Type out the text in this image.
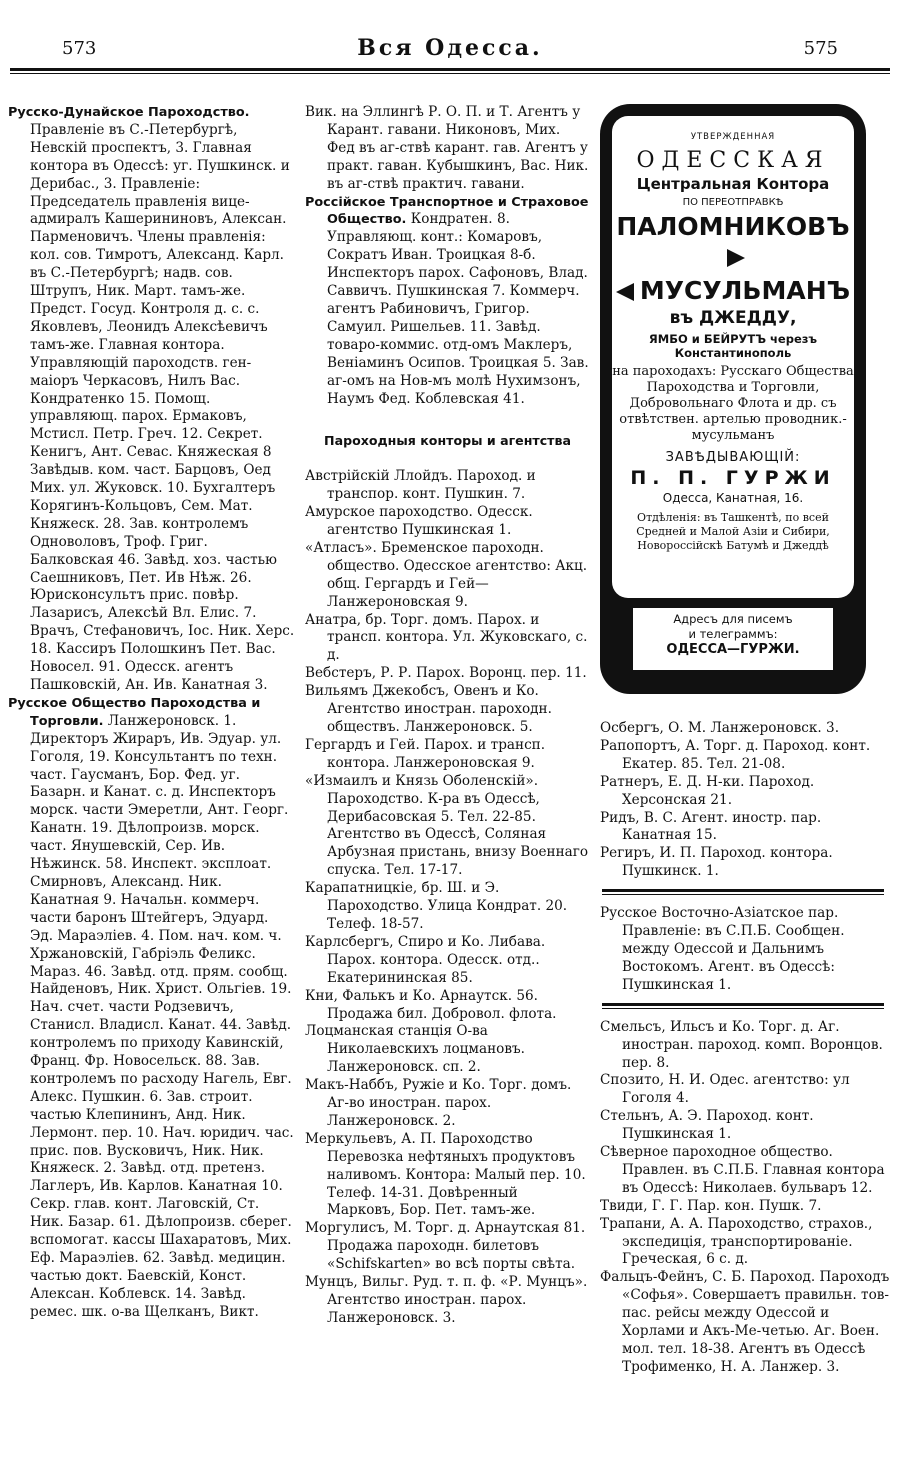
573	Вся Одесса.	575

Русско-Дунайское Пароходство. Правленіе въ С.-Петербургѣ, Невскій проспектъ, 3. Главная контора въ Одессѣ: уг. Пушкинск. и Дерибас., 3. Правленіе: Председатель правленія вице-адмиралъ Кашерининовъ, Алексан. Парменовичъ. Члены правленія: кол. сов. Тимротъ, Александ. Карл. въ С.-Петербургѣ; надв. сов. Штрупъ, Ник. Март. тамъ-же. Предст. Госуд. Контроля д. с. с. Яковлевъ, Леонидъ Алексѣевичъ тамъ-же. Главная контора. Управляющій пароходств. ген-маіоръ Черкасовъ, Нилъ Вас. Кондратенко 15. Помощ. управляющ. парох. Ермаковъ, Мстисл. Петр. Греч. 12. Секрет. Кенигъ, Ант. Севас. Княжеская 8 Завѣдыв. ком. част. Барцовъ, Оед Мих. ул. Жуковск. 10. Бухгалтеръ Корягинъ-Кольцовъ, Сем. Мат. Княжеск. 28. Зав. контролемъ Одноволовъ, Троф. Григ. Балковская 46. Завѣд. хоз. частью Саешниковъ, Пет. Ив Нѣж. 26. Юрисконсультъ прис. повѣр. Лазарисъ, Алексѣй Вл. Елис. 7. Врачъ, Стефановичъ, Іос. Ник. Херс. 18. Кассиръ Полошкинъ Пет. Вас. Новосел. 91. Одесск. агентъ Пашковскій, Ан. Ив. Канатная 3.

Русское Общество Пароходства и Торговли. Ланжероновск. 1. Директоръ Жираръ, Ив. Эдуар. ул. Гоголя, 19. Консультантъ по техн. част. Гаусманъ, Бор. Фед. уг. Базарн. и Канат. с. д. Инспекторъ морск. части Эмеретли, Ант. Георг. Канатн. 19. Дѣлопроизв. морск. част. Янушевскій, Сер. Ив. Нѣжинск. 58. Инспект. эксплоат. Смирновъ, Александ. Ник. Канатная 9. Начальн. коммерч. части баронъ Штейгеръ, Эдуард. Эд. Мараэліев. 4. Пом. нач. ком. ч. Хржановскій, Габріэль Феликс. Мараз. 46. Завѣд. отд. прям. сообщ. Найденовъ, Ник. Христ. Ольгіев. 19. Нач. счет. части Родзевичъ, Станисл. Владисл. Канат. 44. Завѣд. контролемъ по приходу Кавинскій, Франц. Фр. Новосельск. 88. Зав. контролемъ по расходу Нагель, Евг. Алекс. Пушкин. 6. Зав. строит. частью Клепининъ, Анд. Ник. Лермонт. пер. 10. Нач. юридич. час. прис. пов. Вусковичъ, Ник. Ник. Княжеск. 2. Завѣд. отд. претенз. Лаглеръ, Ив. Карлов. Канатная 10. Секр. глав. конт. Лаговскій, Ст. Ник. Базар. 61. Дѣлопроизв. сберег. вспомогат. кассы Шахаратовъ, Мих. Еф. Мараэліев. 62. Завѣд. медицин. частью докт. Баевскій, Конст. Алексан. Коблевск. 14. Завѣд. ремес. шк. о-ва Щелканъ, Викт.

Вик. на Эллингѣ Р. О. П. и Т. Агентъ у Карант. гавани. Никоновъ, Мих. Фед въ аг-ствѣ карант. гав. Агентъ у практ. гаван. Кубышкинъ, Вас. Ник. въ аг-ствѣ практич. гавани.

Россійское Транспортное и Страховое Общество. Кондратен. 8. Управляющ. конт.: Комаровъ, Сократъ Иван. Троицкая 8-б. Инспекторъ парох. Сафоновъ, Влад. Саввичъ. Пушкинская 7. Коммерч. агентъ Рабиновичъ, Григор. Самуил. Ришельев. 11. Завѣд. товаро-коммис. отд-омъ Маклеръ, Веніаминъ Осипов. Троицкая 5. Зав. аг-омъ на Нов-мъ молѣ Нухимзонъ, Наумъ Фед. Коблевская 41.

Пароходныя конторы и агентства

Австрійскій Ллойдъ. Пароход. и транспор. конт. Пушкин. 7.

Амурское пароходство. Одесск. агентство Пушкинская 1.

«Атласъ». Бременское пароходн. общество. Одесское агентство: Акц. общ. Гергардъ и Гей— Ланжероновская 9.

Анатра, бр. Торг. домъ. Парох. и трансп. контора. Ул. Жуковскаго, с. д.

Вебстеръ, Р. Р. Парох. Воронц. пер. 11.

Вильямъ Джекобсъ, Овенъ и Ко. Агентство иностран. пароходн. обществъ. Ланжероновск. 5.

Гергардъ и Гей. Парох. и трансп. контора. Ланжероновская 9.

«Измаилъ и Князь Оболенскій». Пароходство. К-ра въ Одессѣ, Дерибасовская 5. Тел. 22-85. Агентство въ Одессѣ, Соляная Арбузная пристань, внизу Военнаго спуска. Тел. 17-17.

Карапатницкіе, бр. Ш. и Э. Пароходство. Улица Кондрат. 20. Телеф. 18-57.

Карлсбергъ, Спиро и Ко. Либава. Парох. контора. Одесск. отд.. Екатерининская 85.

Кни, Фалькъ и Ко. Арнаутск. 56. Продажа бил. Добровол. флота.

Лоцманская станція О-ва Николаевскихъ лоцмановъ. Ланжероновск. сп. 2.

Макъ-Наббъ, Ружіе и Ко. Торг. домъ. Аг-во иностран. парох. Ланжероновск. 2.

Меркульевъ, А. П. Пароходство Перевозка нефтяныхъ продуктовъ наливомъ. Контора: Малый пер. 10. Телеф. 14-31. Довѣренный Марковъ, Бор. Пет. тамъ-же.

Моргулисъ, М. Торг. д. Арнаутская 81. Продажа пароходн. билетовъ «Schifskarten» во всѣ порты свѣта.

Мунцъ, Вильг. Руд. т. п. ф. «Р. Мунцъ». Агентство иностран. парох. Ланжероновск. 3.

УТВЕРЖДЕННАЯ
ОДЕССКАЯ
Центральная Контора
ПО ПЕРЕОТПРАВКѢ
ПАЛОМНИКОВЪ
МУСУЛЬМАНЪ
въ ДЖЕДДУ,
ЯМБО и БЕЙРУТЪ черезъ
Константинополь
на пароходахъ: Русскаго Общества Пароходства и Торговли, Добровольнаго Флота и др. съ отвѣтствен. артелью проводник.-мусульманъ
ЗАВѢДЫВАЮЩІЙ:
П. П. ГУРЖИ
Одесса, Канатная, 16.
Отдѣленія: въ Ташкентѣ, по всей Средней и Малой Азіи и Сибири, Новороссійскѣ Батумѣ и Джеддѣ
Адресъ для писемъ
и телеграммъ:
ОДЕССА—ГУРЖИ.

Осбергъ, О. М. Ланжероновск. 3.

Рапопортъ, А. Торг. д. Пароход. конт. Екатер. 85. Тел. 21-08.

Ратнеръ, Е. Д. Н-ки. Пароход. Херсонская 21.

Ридъ, В. С. Агент. иностр. пар. Канатная 15.

Региръ, И. П. Пароход. контора. Пушкинск. 1.

Русское Восточно-Азіатское пар. Правленіе: въ С.П.Б. Сообщен. между Одессой и Дальнимъ Востокомъ. Агент. въ Одессѣ: Пушкинская 1.

Смельсъ, Ильсъ и Ко. Торг. д. Аг. иностран. пароход. комп. Воронцов. пер. 8.

Спозито, Н. И. Одес. агентство: ул Гоголя 4.

Стельнъ, А. Э. Пароход. конт. Пушкинская 1.

Сѣверное пароходное общество. Правлен. въ С.П.Б. Главная контора въ Одессѣ: Николаев. бульваръ 12.

Твиди, Г. Г. Пар. кон. Пушк. 7.

Трапани, А. А. Пароходство, страхов., экспедиція, транспортированіе. Греческая, 6 с. д.

Фальцъ-Фейнъ, С. Б. Пароход. Пароходъ «Софья». Совершаетъ правильн. тов-пас. рейсы между Одессой и Хорлами и Акъ-Ме-четью. Аг. Воен. мол. тел. 18-38. Агентъ въ Одессѣ Трофименко, Н. А. Ланжер. 3.
